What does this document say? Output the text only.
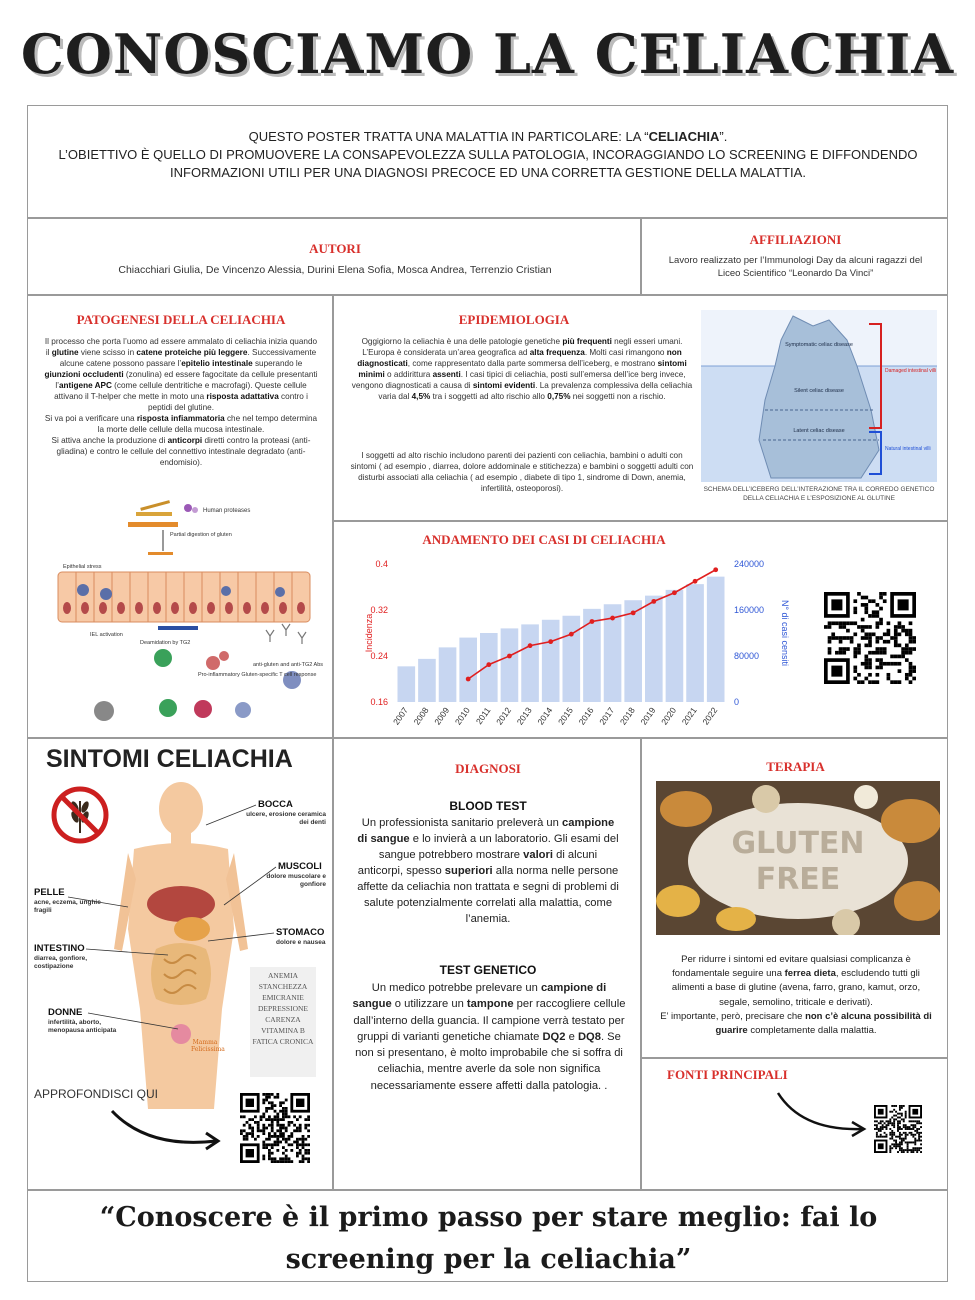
CONOSCIAMO LA CELIACHIA
QUESTO POSTER TRATTA UNA MALATTIA IN PARTICOLARE: LA “CELIACHIA”.
L’OBIETTIVO È QUELLO DI PROMUOVERE LA CONSAPEVOLEZZA SULLA PATOLOGIA, INCORAGGIANDO LO SCREENING E DIFFONDENDO INFORMAZIONI UTILI PER UNA DIAGNOSI PRECOCE ED UNA CORRETTA GESTIONE DELLA MALATTIA.
AUTORI
Chiacchiari Giulia, De Vincenzo Alessia, Durini Elena Sofia, Mosca Andrea, Terrenzio Cristian
AFFILIAZIONI
Lavoro realizzato per l’Immunologi Day da alcuni ragazzi del Liceo Scientifico “Leonardo Da Vinci”
PATOGENESI DELLA CELIACHIA
Il processo che porta l’uomo ad essere ammalato di celiachia inizia quando il glutine viene scisso in catene proteiche più leggere. Successivamente alcune catene possono passare l’epitelio intestinale superando le giunzioni occludenti (zonulina) ed essere fagocitate da cellule presentanti l’antigene APC (come cellule dentritiche e macrofagi). Queste cellule attivano il T-helper che mette in moto una risposta adattativa contro i peptidi del glutine.
Si va poi a verificare una risposta infiammatoria che nel tempo determina la morte delle cellule della mucosa intestinale.
Si attiva anche la produzione di anticorpi diretti contro la proteasi (anti-gliadina) e contro le cellule del connettivo intestinale degradato (anti-endomisio).
Human proteases
Partial digestion of gluten
Epithelial stress
Deamidation by TG2
IEL activation
Pro-inflammatory Gluten-specific T cell response
anti-gluten and anti-TG2 Abs
EPIDEMIOLOGIA
Oggigiorno la celiachia è una delle patologie genetiche più frequenti negli esseri umani. L’Europa è considerata un’area geografica ad alta frequenza. Molti casi rimangono non diagnosticati, come rappresentato dalla parte sommersa dell’iceberg, e mostrano sintomi minimi o addirittura assenti. I casi tipici di celiachia, posti sull’emersa dell’ice berg invece, vengono diagnosticati a causa di sintomi evidenti. La prevalenza complessiva della celiachia varia dal 4,5% tra i soggetti ad alto rischio allo 0,75% nei soggetti non a rischio.
I soggetti ad alto rischio includono parenti dei pazienti con celiachia, bambini o adulti con sintomi ( ad esempio , diarrea, dolore addominale e stitichezza) e bambini o soggetti adulti con disturbi associati alla celiachia ( ad esempio , diabete di tipo 1, sindrome di Down, anemia, infertilità, osteoporosi).
Symptomatic celiac disease
Silent celiac disease
Latent celiac disease
Damaged intestinal villi
Natural intestinal villi
SCHEMA DELL’ICEBERG DELL’INTERAZIONE TRA IL CORREDO GENETICO DELLA CELIACHIA E L’ESPOSIZIONE AL GLUTINE
ANDAMENTO DEI CASI DI CELIACHIA
0.16
0.24
0.32
0.4
0
80000
160000
240000
2007 2008 2009 2010 2011 2012 2013 2014 2015 2016 2017 2018 2019 2020 2021 2022
Incidenza	N° di casi censiti
SINTOMI CELIACHIA
BOCCA
ulcere, erosione ceramica dei denti
MUSCOLI
dolore muscolare e gonfiore
PELLE
acne, eczema, unghie fragili
STOMACO
dolore e nausea
INTESTINO
diarrea, gonfiore, costipazione
DONNE
infertilità, aborto, menopausa anticipata
Mamma Felicissima
ANEMIA
STANCHEZZA
EMICRANIE
DEPRESSIONE
CARENZA
VITAMINA B
FATICA CRONICA
APPROFONDISCI QUI
DIAGNOSI
BLOOD TEST
Un professionista sanitario preleverà un campione di sangue e lo invierà a un laboratorio. Gli esami del sangue potrebbero mostrare valori di alcuni anticorpi, spesso superiori alla norma nelle persone affette da celiachia non trattata e segni di problemi di salute potenzialmente correlati alla malattia, come l’anemia.
TEST GENETICO
Un medico potrebbe prelevare un campione di sangue o utilizzare un tampone per raccogliere cellule dall’interno della guancia. Il campione verrà testato per gruppi di varianti genetiche chiamate DQ2 e DQ8. Se non si presentano, è molto improbabile che si soffra di celiachia, mentre averle da sole non significa necessariamente essere affetti dalla patologia. .
TERAPIA
GLUTEN
FREE
Per ridurre i sintomi ed evitare qualsiasi complicanza è fondamentale seguire una ferrea dieta, escludendo tutti gli alimenti a base di glutine (avena, farro, grano, kamut, orzo, segale, semolino, triticale e derivati).
E’ importante, però, precisare che non c’è alcuna possibilità di guarire completamente dalla malattia.
FONTI PRINCIPALI
“Conoscere è il primo passo per stare meglio: fai lo screening per la celiachia”
